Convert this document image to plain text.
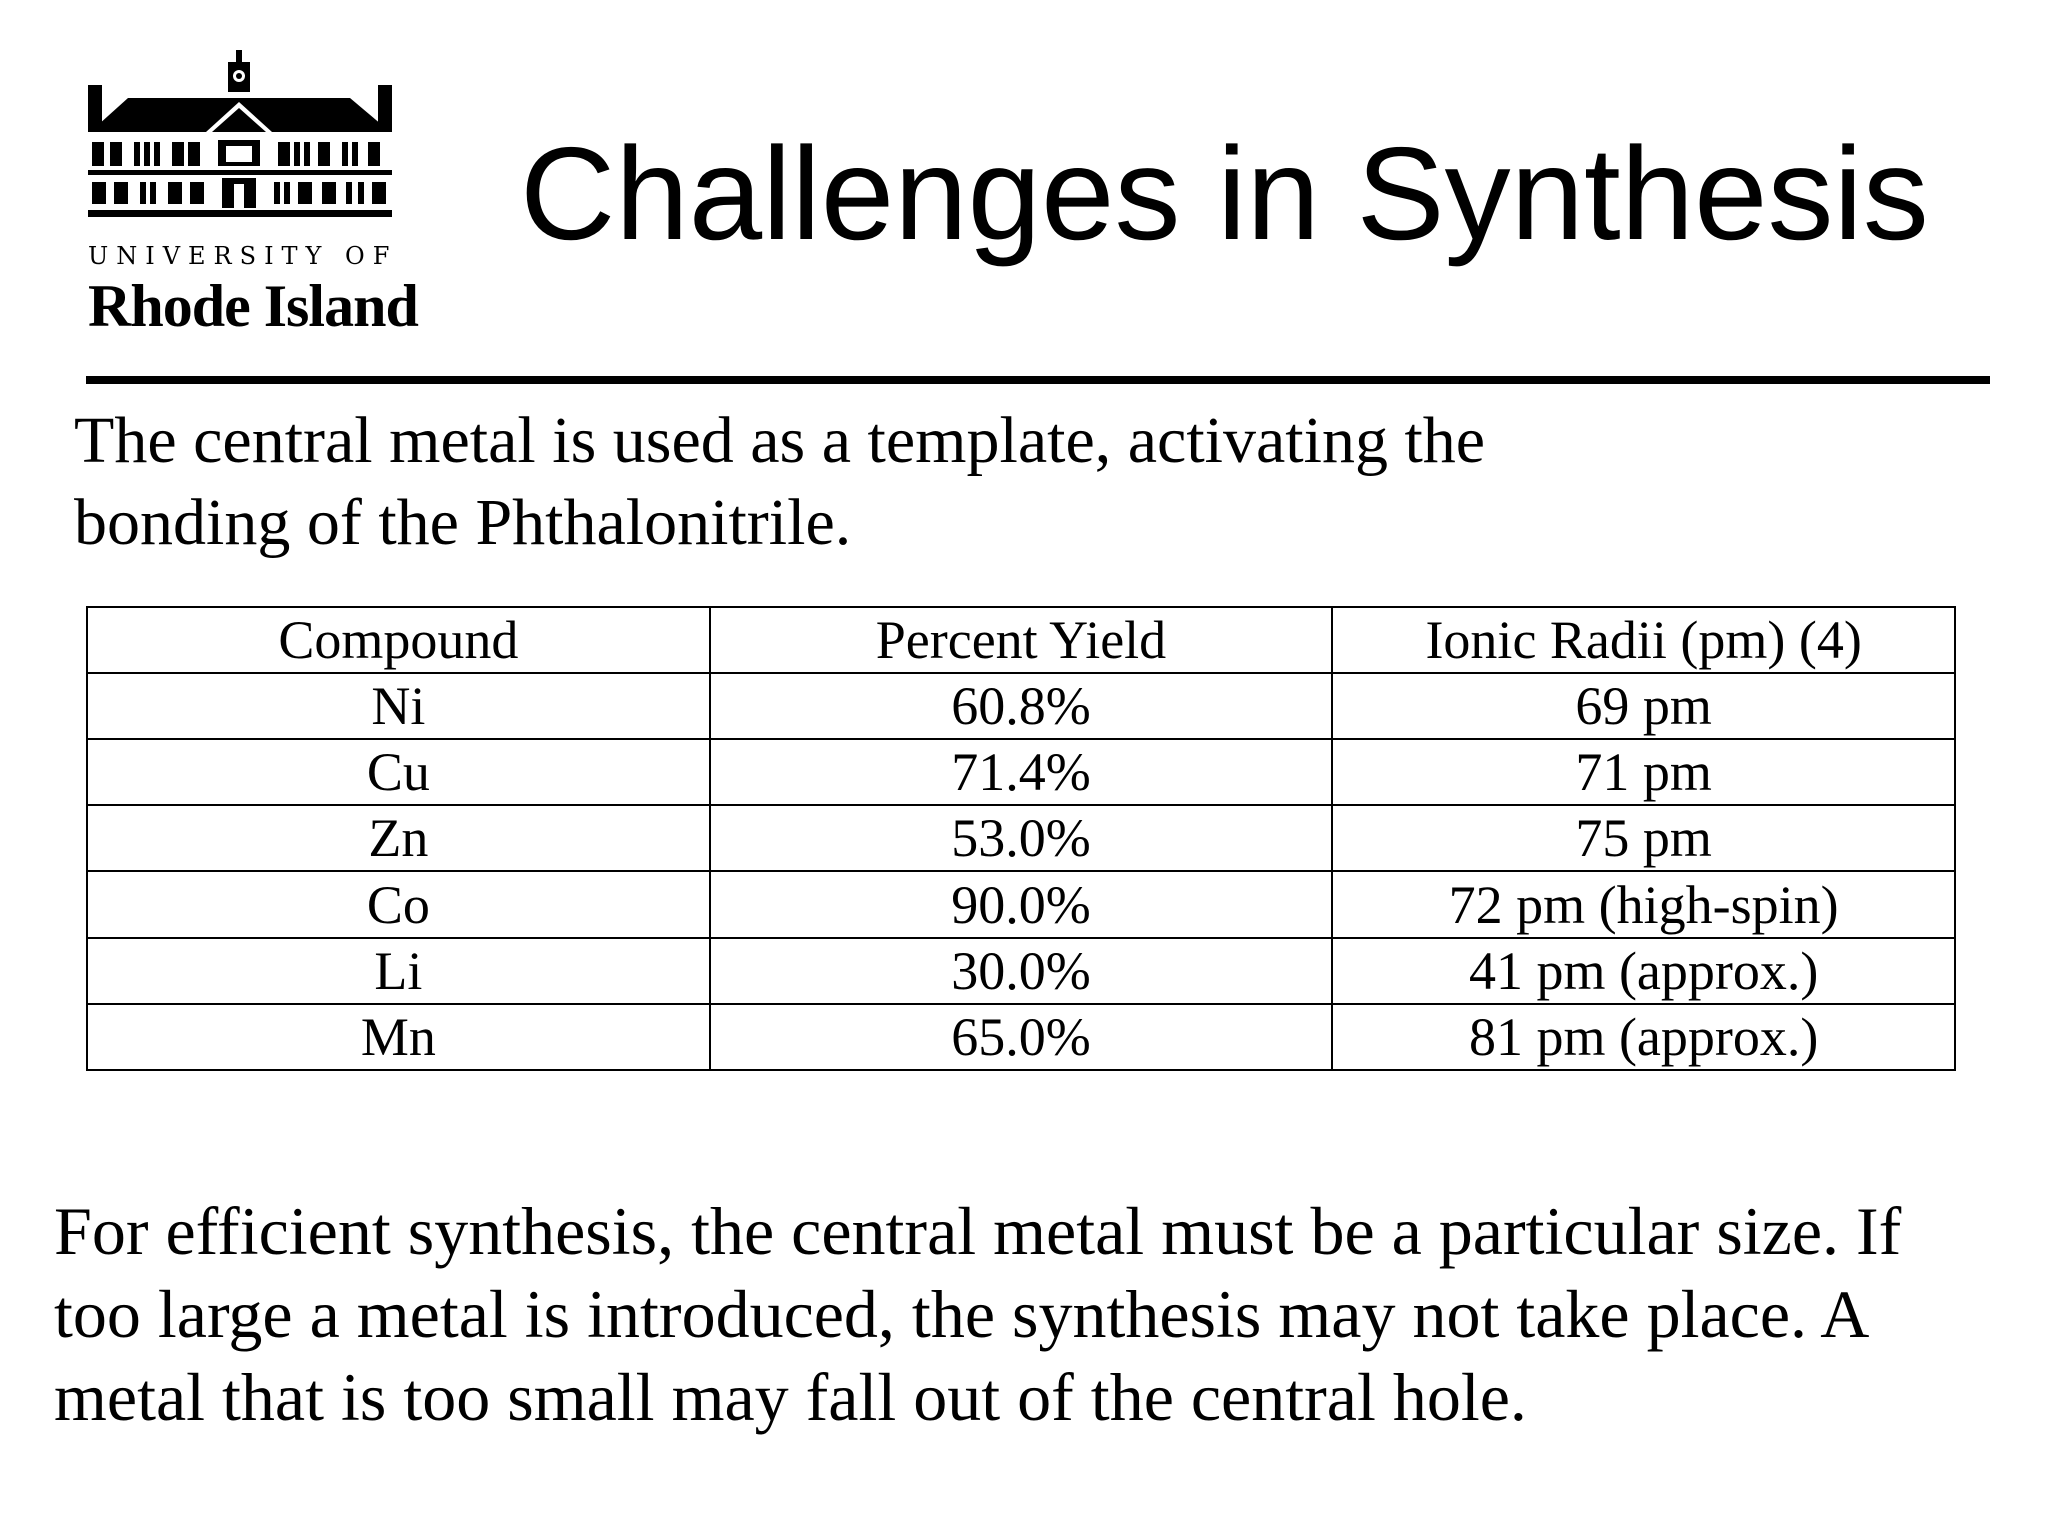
UNIVERSITY OF
Rhode Island
Challenges in Synthesis
The central metal is used as a template, activating the bonding of the Phthalonitrile.
Compound	Percent Yield	Ionic Radii (pm) (4)
Ni	60.8%	69 pm
Cu	71.4%	71 pm
Zn	53.0%	75 pm
Co	90.0%	72 pm (high-spin)
Li	30.0%	41 pm (approx.)
Mn	65.0%	81 pm (approx.)
For efficient synthesis, the central metal must be a particular size. If
too large a metal is introduced, the synthesis may not take place. A
metal that is too small may fall out of the central hole.
